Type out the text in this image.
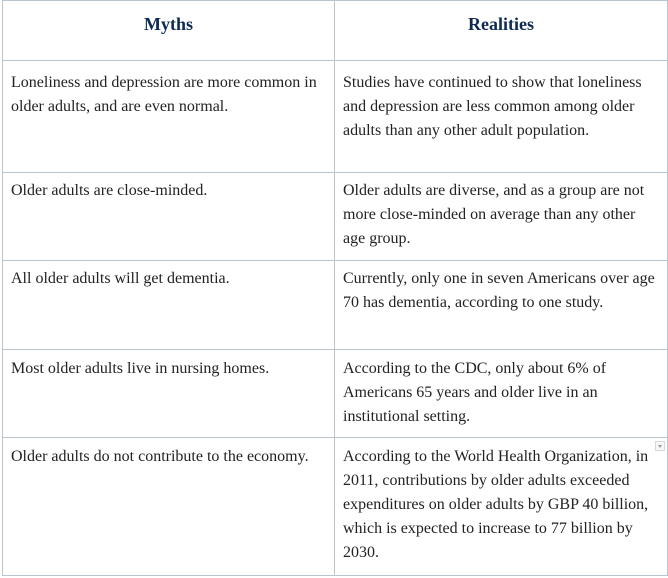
Myths	Realities
Loneliness and depression are more common in older adults, and are even normal.	Studies have continued to show that loneliness and depression are less common among older adults than any other adult population.
Older adults are close-minded.	Older adults are diverse, and as a group are not more close-minded on average than any other age group.
All older adults will get dementia.	Currently, only one in seven Americans over age 70 has dementia, according to one study.
Most older adults live in nursing homes.	According to the CDC, only about 6% of Americans 65 years and older live in an institutional setting.
Older adults do not contribute to the economy.	According to the World Health Organization, in 2011, contributions by older adults exceeded expenditures on older adults by GBP 40 billion, which is expected to increase to 77 billion by 2030.
